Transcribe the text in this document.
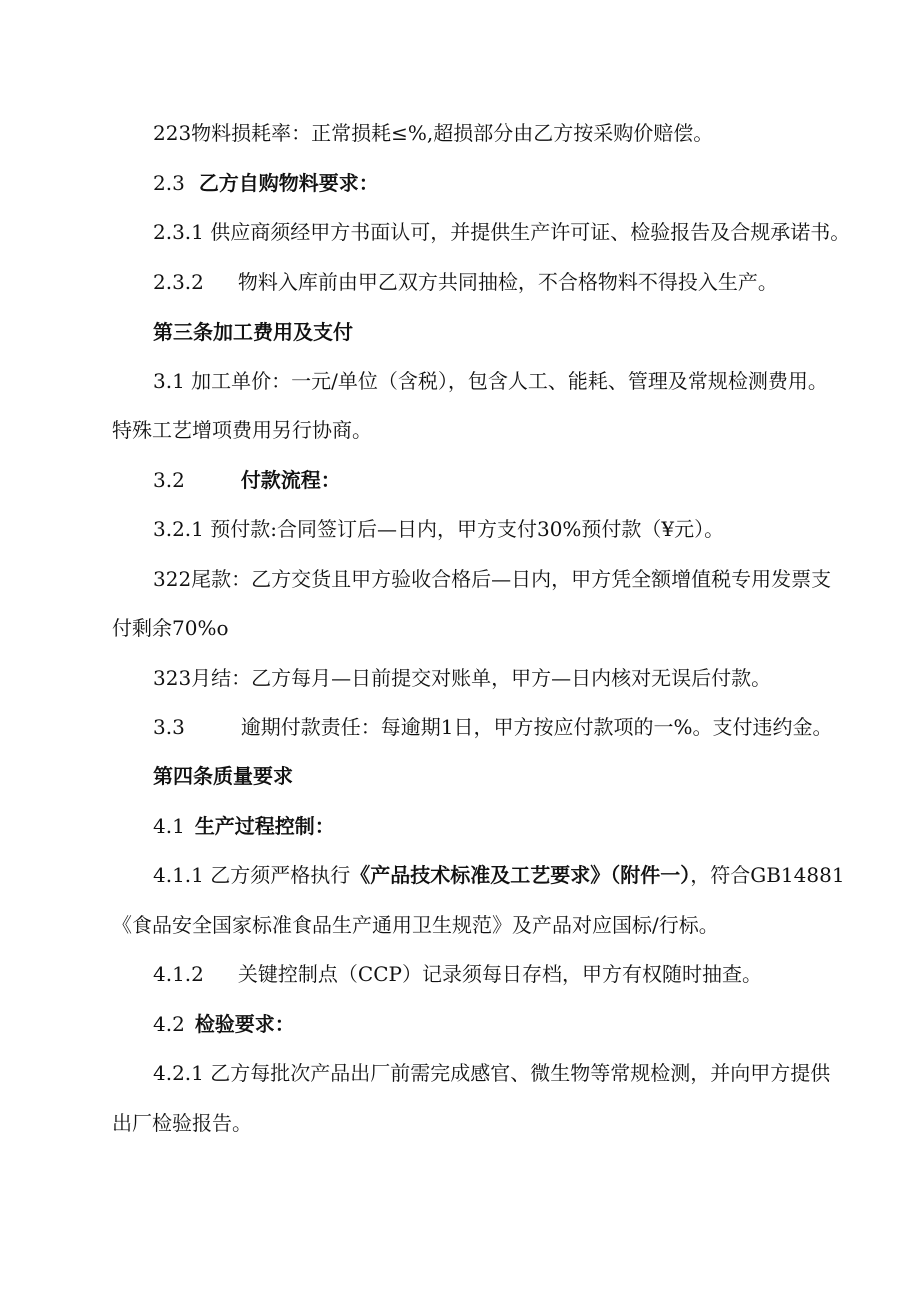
223物料损耗率：正常损耗≤%,超损部分由乙方按采购价赔偿。
2.3 乙方自购物料要求：
2.3.1 供应商须经甲方书面认可，并提供生产许可证、检验报告及合规承诺书。
2.3.2 物料入库前由甲乙双方共同抽检，不合格物料不得投入生产。
第三条加工费用及支付
3.1 加工单价：一元/单位（含税），包含人工、能耗、管理及常规检测费用。
特殊工艺增项费用另行协商。
3.2	付款流程：
3.2.1 预付款:合同签订后—日内，甲方支付30%预付款（¥元）。
322尾款：乙方交货且甲方验收合格后—日内，甲方凭全额增值税专用发票支
付剩余70%o
323月结：乙方每月—日前提交对账单，甲方—日内核对无误后付款。
3.3	逾期付款责任：每逾期1日，甲方按应付款项的一%。支付违约金。
第四条质量要求
4.1 生产过程控制：
4.1.1 乙方须严格执行《产品技术标准及工艺要求》（附件一），符合GB14881
《食品安全国家标准食品生产通用卫生规范》及产品对应国标/行标。
4.1.2 关键控制点（CCP）记录须每日存档，甲方有权随时抽查。
4.2 检验要求：
4.2.1 乙方每批次产品出厂前需完成感官、微生物等常规检测，并向甲方提供
出厂检验报告。
